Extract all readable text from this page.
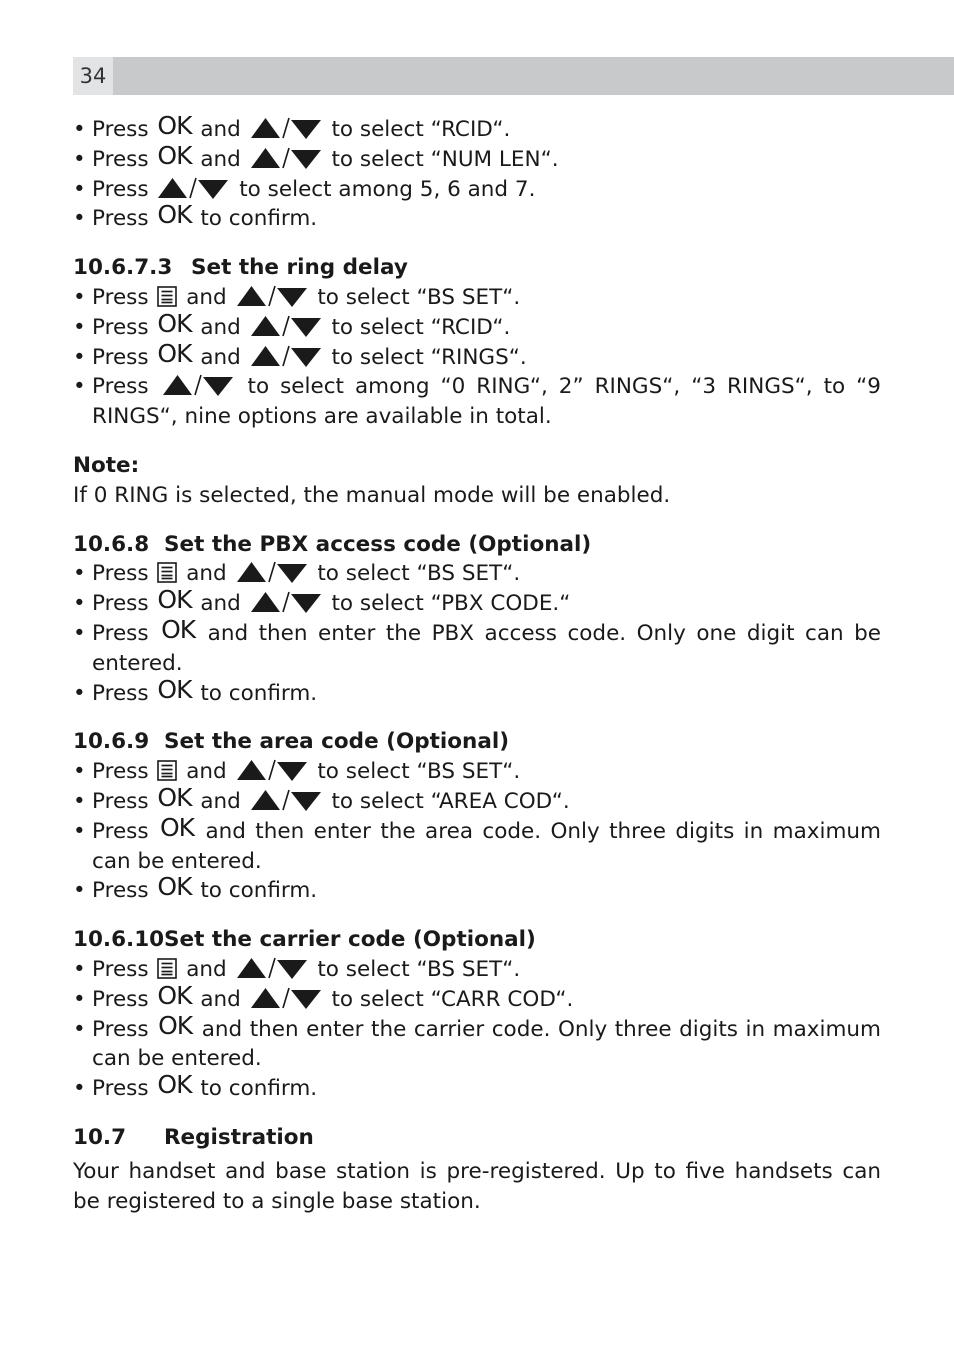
34
• Press OK and	to select “RCID“.
• Press OK and	to select “NUM LEN“.
• Press	to select among 5, 6 and 7.
• Press OK to confirm.
10.6.7.3 Set the ring delay
• Press  and	to select “BS SET“.
• Press OK and	to select “RCID“.
• Press OK and	to select “RINGS“.
• Press	to select among “0 RING“, 2” RINGS“, “3 RINGS“, to “9 RINGS“, nine options are available in total.
Note:

If 0 RING is selected, the manual mode will be enabled.

10.6.8 Set the PBX access code (Optional)
• Press  and	to select “BS SET“.
• Press OK and	to select “PBX CODE.“
• Press OK and then enter the PBX access code. Only one digit can be entered.
• Press OK to confirm.
10.6.9 Set the area code (Optional)
• Press  and	to select “BS SET“.
• Press OK and	to select “AREA COD“.
• Press OK and then enter the area code. Only three digits in maximum can be entered.
• Press OK to confirm.
10.6.10Set the carrier code (Optional)
• Press  and	to select “BS SET“.
• Press OK and	to select “CARR COD“.
• Press OK and then enter the carrier code. Only three digits in maximum can be entered.
• Press OK to confirm.
10.7 Registration

Your handset and base station is pre-registered. Up to five handsets can be registered to a single base station.
